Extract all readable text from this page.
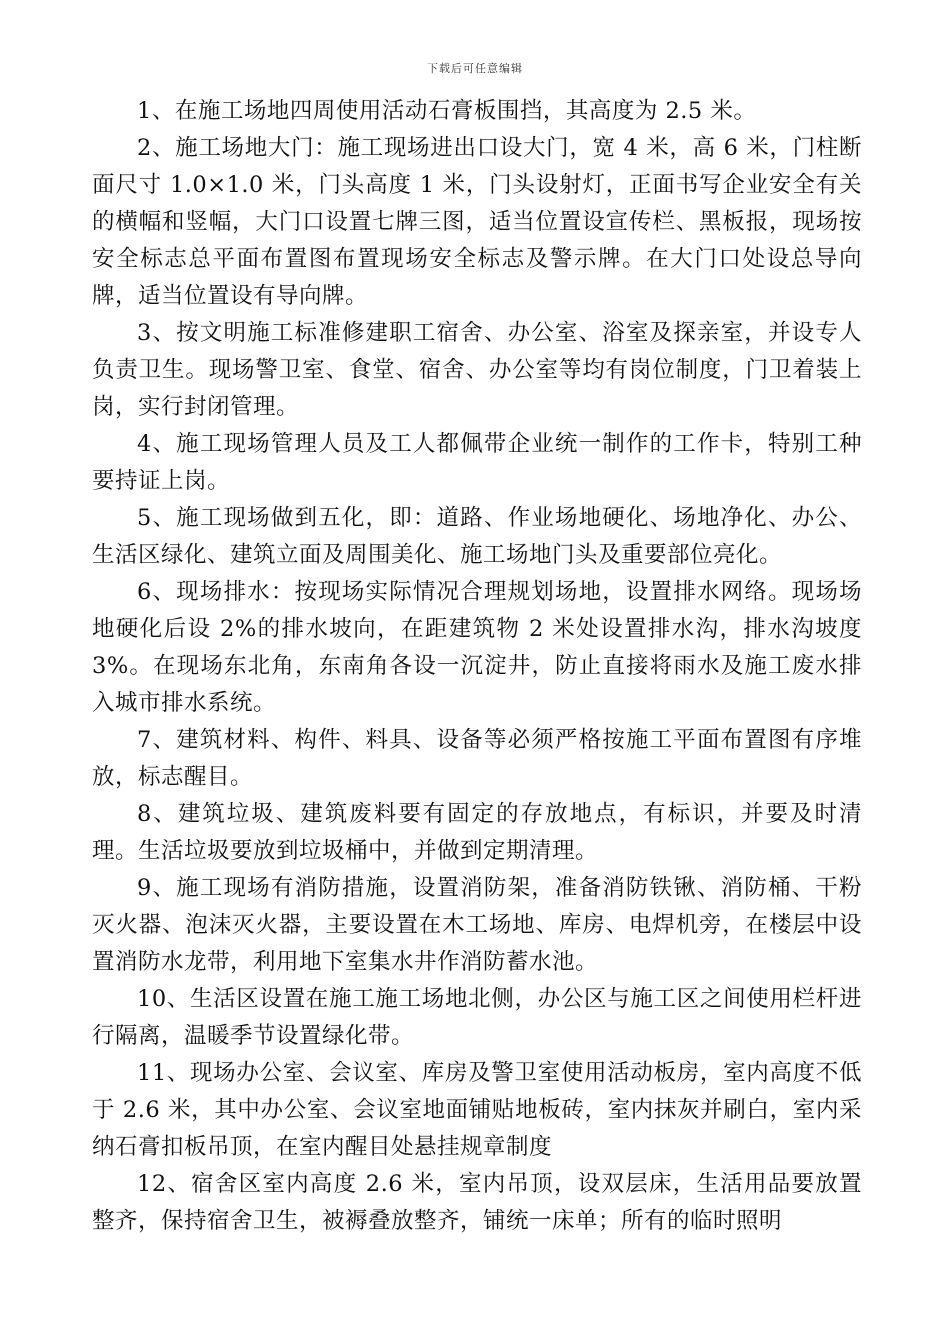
下载后可任意编辑

1、在施工场地四周使用活动石膏板围挡，其高度为 2.5 米。

2、施工场地大门：施工现场进出口设大门，宽 4 米，高 6 米，门柱断面尺寸 1.0×1.0 米，门头高度 1 米，门头设射灯，正面书写企业安全有关的横幅和竖幅，大门口设置七牌三图，适当位置设宣传栏、黑板报，现场按安全标志总平面布置图布置现场安全标志及警示牌。在大门口处设总导向牌，适当位置设有导向牌。

3、按文明施工标准修建职工宿舍、办公室、浴室及探亲室，并设专人负责卫生。现场警卫室、食堂、宿舍、办公室等均有岗位制度，门卫着装上岗，实行封闭管理。

4、施工现场管理人员及工人都佩带企业统一制作的工作卡，特别工种要持证上岗。

5、施工现场做到五化，即：道路、作业场地硬化、场地净化、办公、生活区绿化、建筑立面及周围美化、施工场地门头及重要部位亮化。

6、现场排水：按现场实际情况合理规划场地，设置排水网络。现场场地硬化后设 2%的排水坡向，在距建筑物 2 米处设置排水沟，排水沟坡度 3%。在现场东北角，东南角各设一沉淀井，防止直接将雨水及施工废水排入城市排水系统。

7、建筑材料、构件、料具、设备等必须严格按施工平面布置图有序堆放，标志醒目。

8、建筑垃圾、建筑废料要有固定的存放地点，有标识，并要及时清理。生活垃圾要放到垃圾桶中，并做到定期清理。

9、施工现场有消防措施，设置消防架，准备消防铁锹、消防桶、干粉灭火器、泡沫灭火器，主要设置在木工场地、库房、电焊机旁，在楼层中设置消防水龙带，利用地下室集水井作消防蓄水池。

10、生活区设置在施工施工场地北侧，办公区与施工区之间使用栏杆进行隔离，温暖季节设置绿化带。

11、现场办公室、会议室、库房及警卫室使用活动板房，室内高度不低于 2.6 米，其中办公室、会议室地面铺贴地板砖，室内抹灰并刷白，室内采纳石膏扣板吊顶，在室内醒目处悬挂规章制度

12、宿舍区室内高度 2.6 米，室内吊顶，设双层床，生活用品要放置整齐，保持宿舍卫生，被褥叠放整齐，铺统一床单；所有的临时照明
